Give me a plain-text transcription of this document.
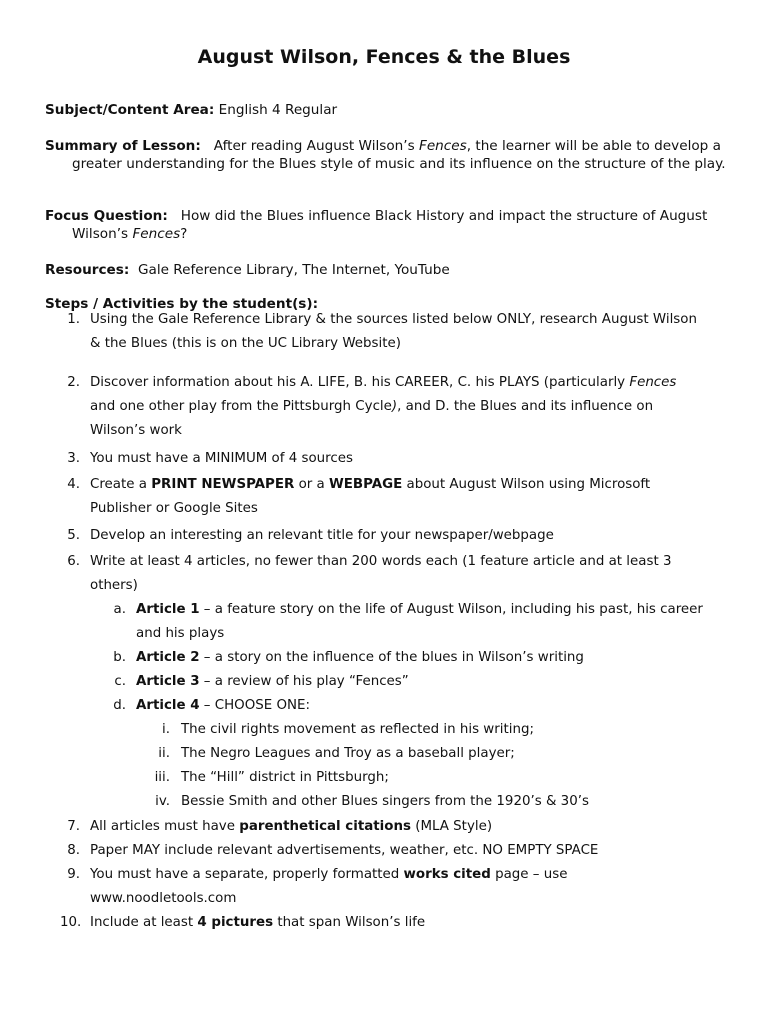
August Wilson, Fences & the Blues
Subject/Content Area: English 4 Regular
Summary of Lesson: After reading August Wilson’s Fences, the learner will be able to develop a greater understanding for the Blues style of music and its influence on the structure of the play.
Focus Question: How did the Blues influence Black History and impact the structure of August Wilson’s Fences?
Resources: Gale Reference Library, The Internet, YouTube
Steps / Activities by the student(s):
1. Using the Gale Reference Library & the sources listed below ONLY, research August Wilson
& the Blues (this is on the UC Library Website)
2. Discover information about his A. LIFE, B. his CAREER, C. his PLAYS (particularly Fences
and one other play from the Pittsburgh Cycle), and D. the Blues and its influence on
Wilson’s work
3. You must have a MINIMUM of 4 sources
4. Create a PRINT NEWSPAPER or a WEBPAGE about August Wilson using Microsoft
Publisher or Google Sites
5. Develop an interesting an relevant title for your newspaper/webpage
6. Write at least 4 articles, no fewer than 200 words each (1 feature article and at least 3
others)
a. Article 1 – a feature story on the life of August Wilson, including his past, his career
and his plays
b. Article 2 – a story on the influence of the blues in Wilson’s writing
c. Article 3 – a review of his play “Fences”
d. Article 4 – CHOOSE ONE:
i. The civil rights movement as reflected in his writing;
ii. The Negro Leagues and Troy as a baseball player;
iii. The “Hill” district in Pittsburgh;
iv. Bessie Smith and other Blues singers from the 1920’s & 30’s
7. All articles must have parenthetical citations (MLA Style)
8. Paper MAY include relevant advertisements, weather, etc. NO EMPTY SPACE
9. You must have a separate, properly formatted works cited page – use
www.noodletools.com
10. Include at least 4 pictures that span Wilson’s life
